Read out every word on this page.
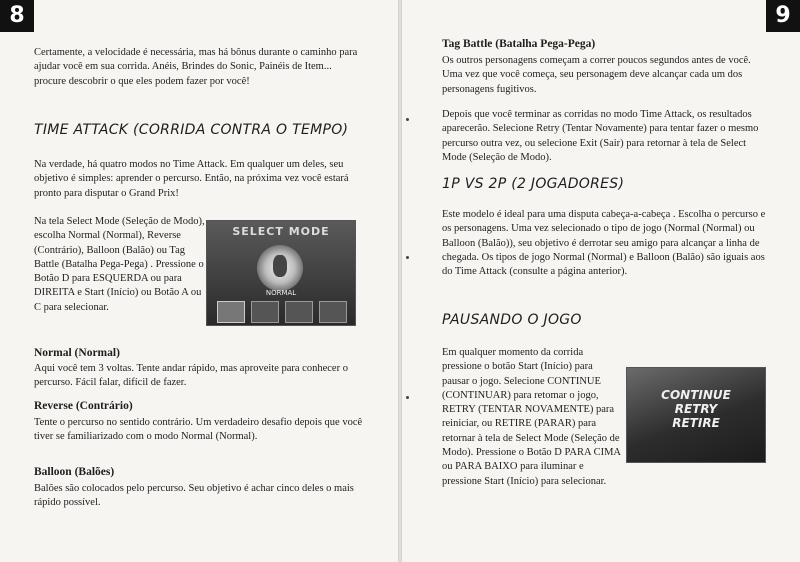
8

Certamente, a velocidade é necessária, mas há bônus durante o caminho para ajudar você em sua corrida. Anéis, Brindes do Sonic, Painéis de Item... procure descobrir o que eles podem fazer por você!

TIME ATTACK (CORRIDA CONTRA O TEMPO)

Na verdade, há quatro modos no Time Attack. Em qualquer um deles, seu objetivo é simples: aprender o percurso. Então, na próxima vez você estará pronto para disputar o Grand Prix!

Na tela Select Mode (Seleção de Modo), escolha Normal (Normal), Reverse (Contrário), Balloon (Balão) ou Tag Battle (Batalha Pega-Pega) . Pressione o Botão D para ESQUERDA ou para DIREITA e Start (Início) ou Botão A ou C para selecionar.

SELECT MODE
NORMAL
Normal (Normal)

Aqui você tem 3 voltas. Tente andar rápido, mas aproveite para conhecer o percurso. Fácil falar, difícil de fazer.

Reverse (Contrário)

Tente o percurso no sentido contrário. Um verdadeiro desafio depois que você tiver se familiarizado com o modo Normal (Normal).

Balloon (Balões)

Balões são colocados pelo percurso. Seu objetivo é achar cinco deles o mais rápido possível.

9
Tag Battle (Batalha Pega-Pega)

Os outros personagens começam a correr poucos segundos antes de você. Uma vez que você começa, seu personagem deve alcançar cada um dos personagens fugitivos.

Depois que você terminar as corridas no modo Time Attack, os resultados aparecerão. Selecione Retry (Tentar Novamente) para tentar fazer o mesmo percurso outra vez, ou selecione Exit (Sair) para retornar à tela de Select Mode (Seleção de Modo).

1P VS 2P (2 JOGADORES)

Este modelo é ideal para uma disputa cabeça-a-cabeça . Escolha o percurso e os personagens. Uma vez selecionado o tipo de jogo (Normal (Normal) ou Balloon (Balão)), seu objetivo é derrotar seu amigo para alcançar a linha de chegada. Os tipos de jogo Normal (Normal) e Balloon (Balão) são iguais aos do Time Attack (consulte a página anterior).

PAUSANDO O JOGO

Em qualquer momento da corrida pressione o botão Start (Início) para pausar o jogo. Selecione CONTINUE (CONTINUAR) para retomar o jogo, RETRY (TENTAR NOVAMENTE) para reiniciar, ou RETIRE (PARAR) para retornar à tela de Select Mode (Seleção de Modo). Pressione o Botão D PARA CIMA ou PARA BAIXO para iluminar e pressione Start (Início) para selecionar.

CONTINUE
RETRY
RETIRE
